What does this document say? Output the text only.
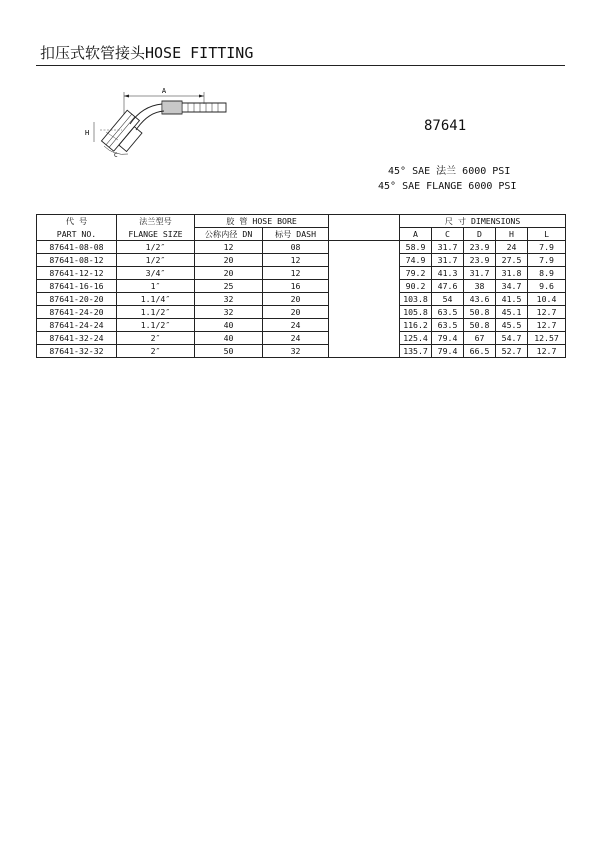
扣压式软管接头HOSE FITTING
A
C
H	87641
45° SAE 法兰 6000 PSI
45° SAE FLANGE 6000 PSI
代 号	法兰型号	胶 管 HOSE BORE			尺 寸 DIMENSIONS				
PART NO.	FLANGE SIZE	公称内径 DN	标号 DASH		A	C	D	H	L
87641-08-08	1/2″	12	08		58.9	31.7	23.9	24	7.9
87641-08-12	1/2″	20	12		74.9	31.7	23.9	27.5	7.9
87641-12-12	3/4″	20	12		79.2	41.3	31.7	31.8	8.9
87641-16-16	1″	25	16		90.2	47.6	38	34.7	9.6
87641-20-20	1.1/4″	32	20		103.8	54	43.6	41.5	10.4
87641-24-20	1.1/2″	32	20		105.8	63.5	50.8	45.1	12.7
87641-24-24	1.1/2″	40	24		116.2	63.5	50.8	45.5	12.7
87641-32-24	2″	40	24		125.4	79.4	67	54.7	12.57
87641-32-32	2″	50	32		135.7	79.4	66.5	52.7	12.7
